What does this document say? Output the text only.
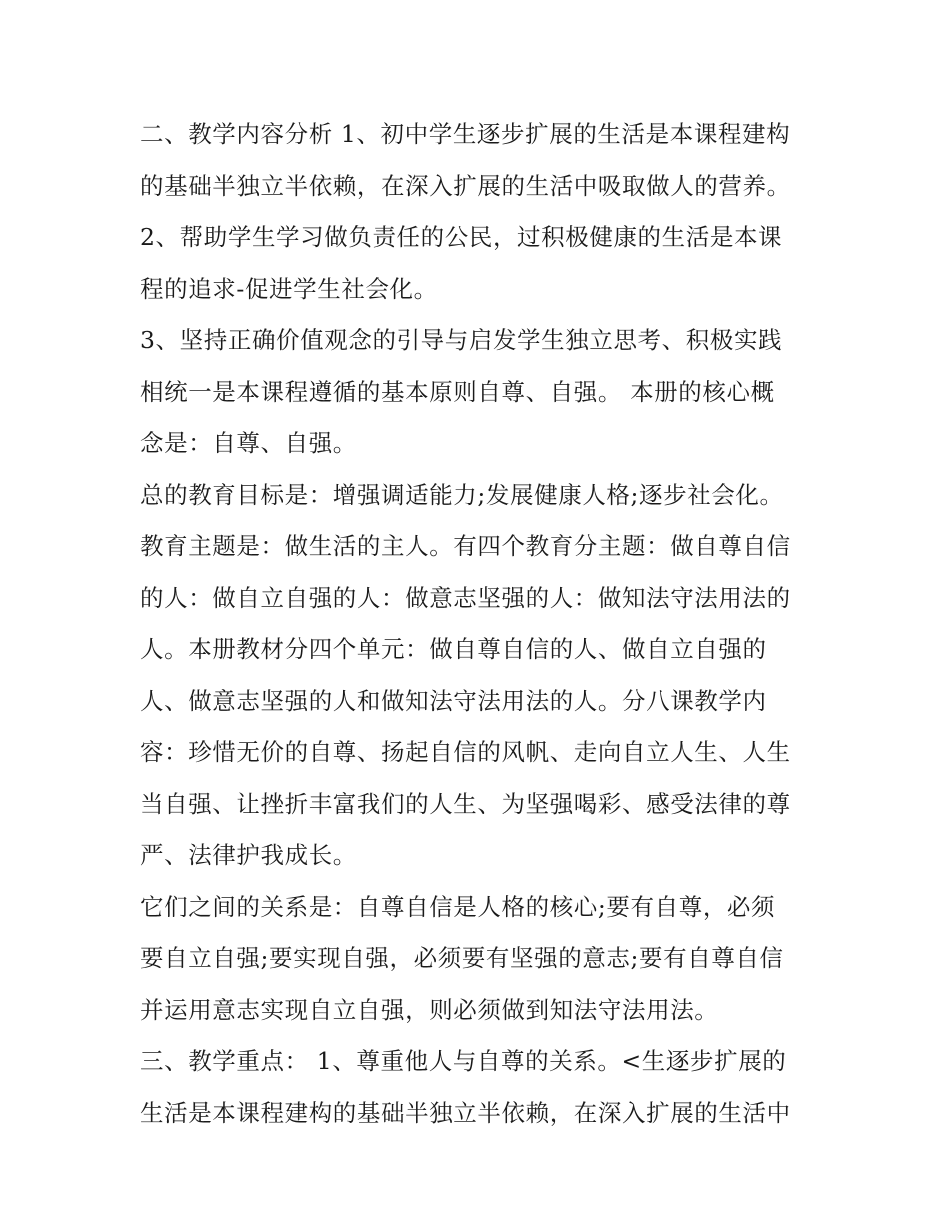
二、教学内容分析 1、初中学生逐步扩展的生活是本课程建构
的基础半独立半依赖，在深入扩展的生活中吸取做人的营养。

2、帮助学生学习做负责任的公民，过积极健康的生活是本课
程的追求-促进学生社会化。

3、坚持正确价值观念的引导与启发学生独立思考、积极实践
相统一是本课程遵循的基本原则自尊、自强。 本册的核心概
念是：自尊、自强。

总的教育目标是：增强调适能力;发展健康人格;逐步社会化。

教育主题是：做生活的主人。有四个教育分主题：做自尊自信
的人：做自立自强的人：做意志坚强的人：做知法守法用法的
人。本册教材分四个单元：做自尊自信的人、做自立自强的
人、做意志坚强的人和做知法守法用法的人。分八课教学内
容：珍惜无价的自尊、扬起自信的风帆、走向自立人生、人生
当自强、让挫折丰富我们的人生、为坚强喝彩、感受法律的尊
严、法律护我成长。

它们之间的关系是：自尊自信是人格的核心;要有自尊，必须
要自立自强;要实现自强，必须要有坚强的意志;要有自尊自信
并运用意志实现自立自强，则必须做到知法守法用法。

三、教学重点： 1、尊重他人与自尊的关系。<生逐步扩展的
生活是本课程建构的基础半独立半依赖，在深入扩展的生活中
